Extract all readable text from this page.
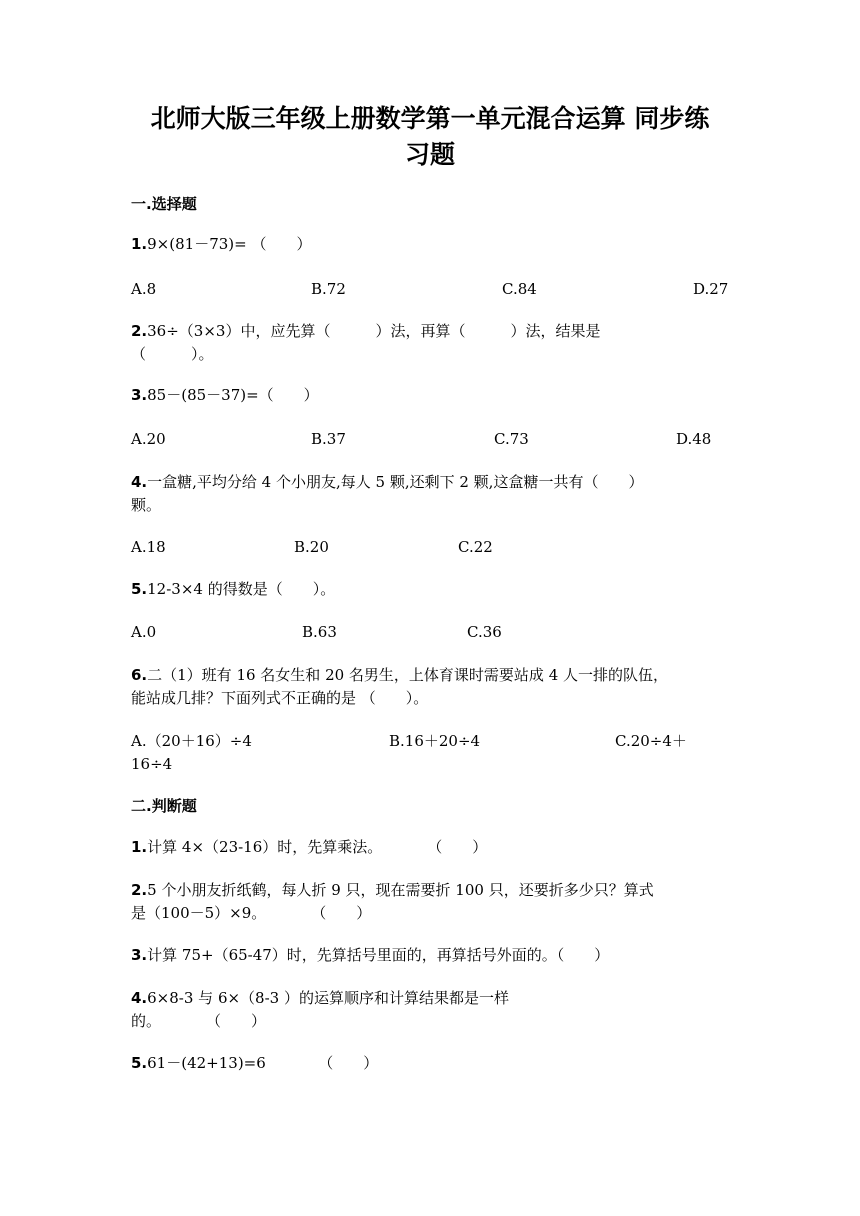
北师大版三年级上册数学第一单元混合运算 同步练
习题
一.选择题
1.9×(81－73)= （　　）
A.8	B.72	C.84	D.27
2.36÷（3×3）中，应先算（　　　）法，再算（　　　）法，结果是
（　　　）。
3.85－(85－37)=（　　）
A.20	B.37	C.73	D.48
4.一盒糖,平均分给 4 个小朋友,每人 5 颗,还剩下 2 颗,这盒糖一共有（　　）
颗。
A.18	B.20	C.22
5.12-3×4 的得数是（　　）。
A.0	B.63	C.36
6.二（1）班有 16 名女生和 20 名男生，上体育课时需要站成 4 人一排的队伍，
能站成几排？下面列式不正确的是 （　　）。
A.（20＋16）÷4	B.16＋20÷4	C.20÷4＋
16÷4
二.判断题
1.计算 4×（23-16）时，先算乘法。　　　　（　　）
2.5 个小朋友折纸鹤，每人折 9 只，现在需要折 100 只，还要折多少只？算式
是（100－5）×9。　　　　（　　）
3.计算 75+（65-47）时，先算括号里面的，再算括号外面的。（　　）
4.6×8-3 与 6×（8-3 ）的运算顺序和计算结果都是一样
的。　　　　（　　）
5.61－(42+13)=6　　　　（　　）
